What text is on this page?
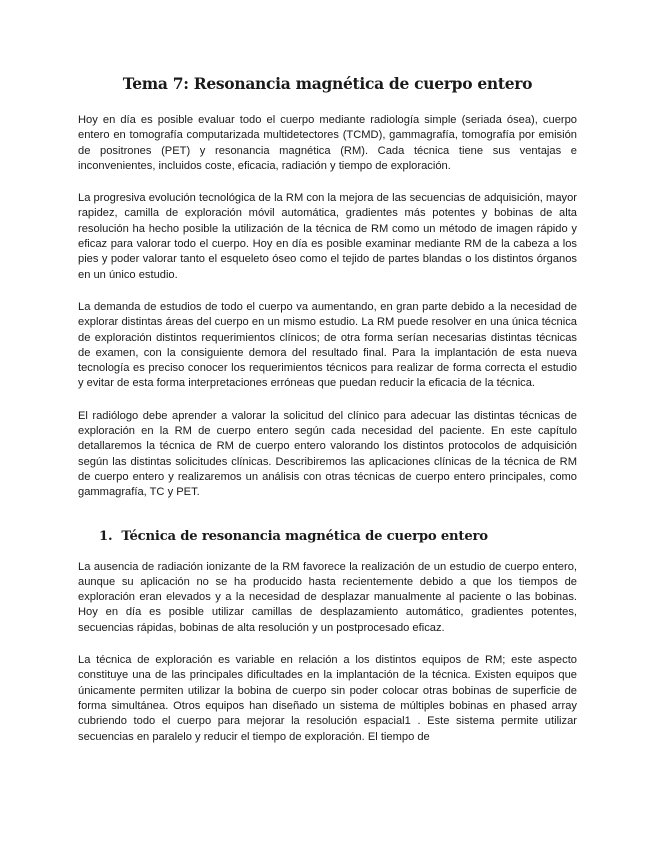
Tema 7: Resonancia magnética de cuerpo entero

Hoy en día es posible evaluar todo el cuerpo mediante radiología simple (seriada ósea), cuerpo entero en tomografía computarizada multidetectores (TCMD), gammagrafía, tomografía por emisión de positrones (PET) y resonancia magnética (RM). Cada técnica tiene sus ventajas e inconvenientes, incluidos coste, eficacia, radiación y tiempo de exploración.

La progresiva evolución tecnológica de la RM con la mejora de las secuencias de adquisición, mayor rapidez, camilla de exploración móvil automática, gradientes más potentes y bobinas de alta resolución ha hecho posible la utilización de la técnica de RM como un método de imagen rápido y eficaz para valorar todo el cuerpo. Hoy en día es posible examinar mediante RM de la cabeza a los pies y poder valorar tanto el esqueleto óseo como el tejido de partes blandas o los distintos órganos en un único estudio.

La demanda de estudios de todo el cuerpo va aumentando, en gran parte debido a la necesidad de explorar distintas áreas del cuerpo en un mismo estudio. La RM puede resolver en una única técnica de exploración distintos requerimientos clínicos; de otra forma serían necesarias distintas técnicas de examen, con la consiguiente demora del resultado final. Para la implantación de esta nueva tecnología es preciso conocer los requerimientos técnicos para realizar de forma correcta el estudio y evitar de esta forma interpretaciones erróneas que puedan reducir la eficacia de la técnica.

El radiólogo debe aprender a valorar la solicitud del clínico para adecuar las distintas técnicas de exploración en la RM de cuerpo entero según cada necesidad del paciente. En este capítulo detallaremos la técnica de RM de cuerpo entero valorando los distintos protocolos de adquisición según las distintas solicitudes clínicas. Describiremos las aplicaciones clínicas de la técnica de RM de cuerpo entero y realizaremos un análisis con otras técnicas de cuerpo entero principales, como gammagrafía, TC y PET.

1. Técnica de resonancia magnética de cuerpo entero

La ausencia de radiación ionizante de la RM favorece la realización de un estudio de cuerpo entero, aunque su aplicación no se ha producido hasta recientemente debido a que los tiempos de exploración eran elevados y a la necesidad de desplazar manualmente al paciente o las bobinas. Hoy en día es posible utilizar camillas de desplazamiento automático, gradientes potentes, secuencias rápidas, bobinas de alta resolución y un postprocesado eficaz.

La técnica de exploración es variable en relación a los distintos equipos de RM; este aspecto constituye una de las principales dificultades en la implantación de la técnica. Existen equipos que únicamente permiten utilizar la bobina de cuerpo sin poder colocar otras bobinas de superficie de forma simultánea. Otros equipos han diseñado un sistema de múltiples bobinas en phased array cubriendo todo el cuerpo para mejorar la resolución espacial1 . Este sistema permite utilizar secuencias en paralelo y reducir el tiempo de exploración. El tiempo de
